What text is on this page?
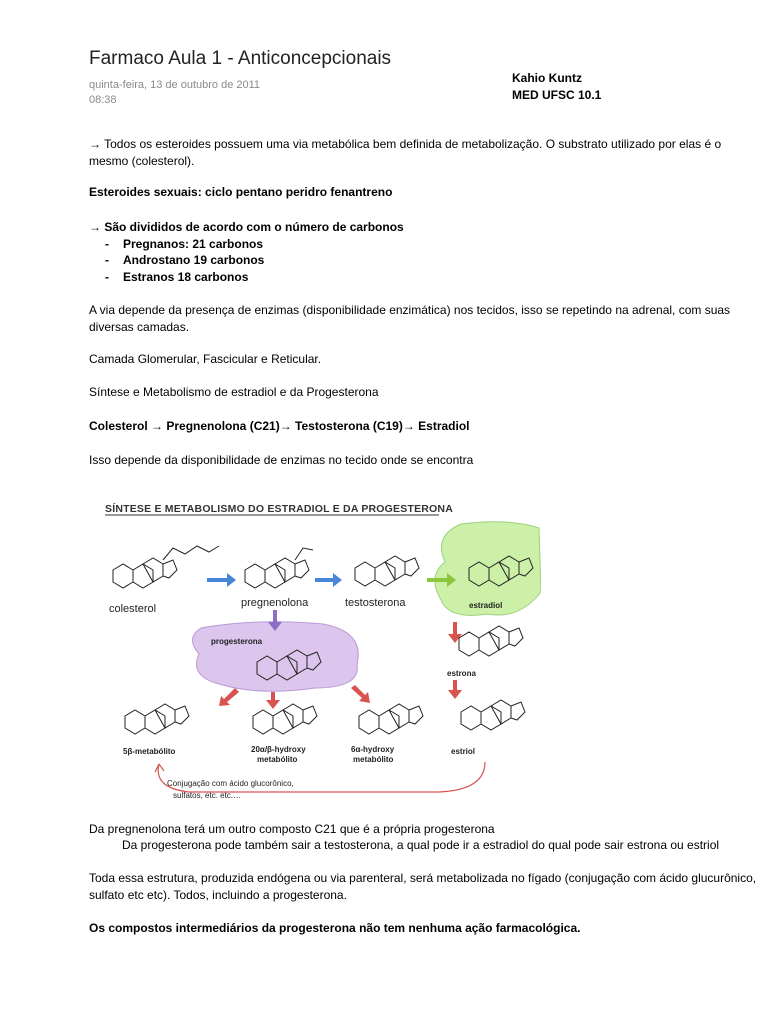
Farmaco Aula 1 - Anticoncepcionais
quinta-feira, 13 de outubro de 2011
08:38
Kahio Kuntz
MED UFSC 10.1
→ Todos os esteroides possuem uma via metabólica bem definida de metabolização. O substrato utilizado por elas é o mesmo (colesterol).
Esteroides sexuais: ciclo pentano peridro fenantreno
→ São divididos de acordo com o número de carbonos
- Pregnanos: 21 carbonos
- Androstano 19 carbonos
- Estranos 18 carbonos
A via depende da presença de enzimas (disponibilidade enzimática) nos tecidos, isso se repetindo na adrenal, com suas diversas camadas.
Camada Glomerular, Fascicular e Reticular.
Síntese e Metabolismo de estradiol e da Progesterona
Colesterol → Pregnenolona (C21)→ Testosterona (C19)→ Estradiol
Isso depende da disponibilidade de enzimas no tecido onde se encontra
SÍNTESE E METABOLISMO DO ESTRADIOL E DA PROGESTERONA
colesterol	pregnenolona	testosterona	estradiol
progesterona
estrona
estriol
5β-metabólito	20α/β-hydroxy
metabólito
6α-hydroxy
metabólito
Conjugação com ácido glucorônico,
sulfatos, etc. etc.…
Da pregnenolona terá um outro composto C21 que é a própria progesterona
Da progesterona pode também sair a testosterona, a qual pode ir a estradiol do qual pode sair estrona ou estriol
Toda essa estrutura, produzida endógena ou via parenteral, será metabolizada no fígado (conjugação com ácido glucurônico, sulfato etc etc). Todos, incluindo a progesterona.
Os compostos intermediários da progesterona não tem nenhuma ação farmacológica.
